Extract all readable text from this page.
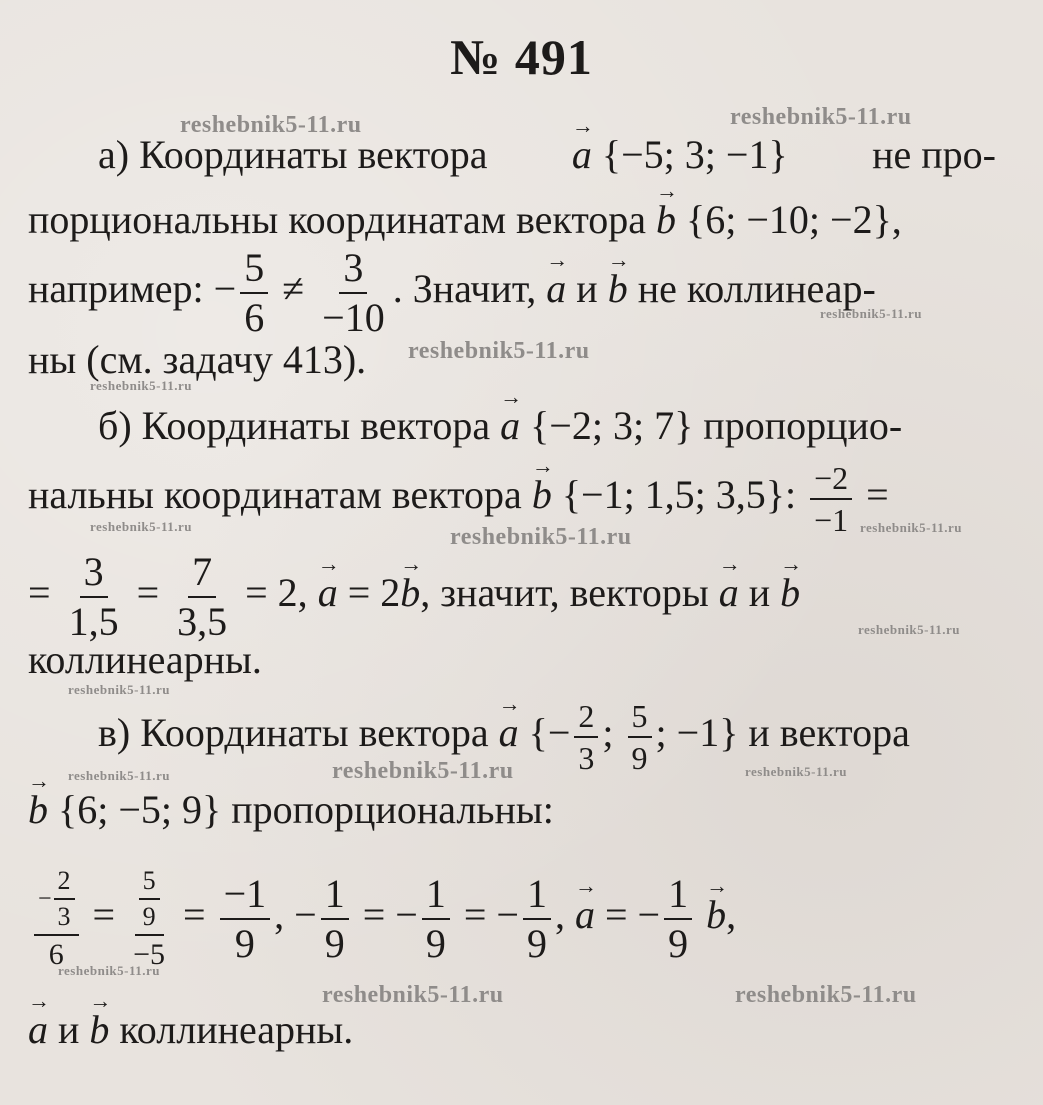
№ 491
reshebnik5-11.ru	reshebnik5-11.ru
reshebnik5-11.ru
reshebnik5-11.ru
reshebnik5-11.ru
reshebnik5-11.ru	reshebnik5-11.ru	reshebnik5-11.ru
reshebnik5-11.ru
reshebnik5-11.ru
reshebnik5-11.ru	reshebnik5-11.ru	reshebnik5-11.ru
reshebnik5-11.ru
reshebnik5-11.ru	reshebnik5-11.ru
а) Координаты вектора
→
a {−5; 3; −1} не про-
порциональны координатам вектора
→
b {6; −10; −2},
например: − $\frac{5}{6} \ne \frac{3}{-10}$ . Значит,
→
a и
→
b не коллинеар-
ны (см. задачу 413).
б) Координаты вектора
→
a {−2; 3; 7} пропорцио-
нальны координатам вектора
→
b {−1; 1,5; 3,5}: $\frac{-2}{-1}$ =
= $\frac{3}{1,5} = \frac{7}{3,5} = 2$,
→
a = 2
→
b, значит, векторы
→
a и
→
b
коллинеарны.
в) Координаты вектора
→
a {− $\frac{2}{3}$ ; $\frac{5}{9}$ ; −1} и вектора
→
b {6; −5; 9} пропорциональны:
$\frac{- \frac{2}{3}}{6} = \frac{\frac{5}{9}}{-5} = \frac{-1}{9}$ , − $\frac{1}{9}$ = − $\frac{1}{9}$ = − $\frac{1}{9}$ ,
→
a = − $\frac{1}{9}$
→
b,
→
a и
→
b коллинеарны.
